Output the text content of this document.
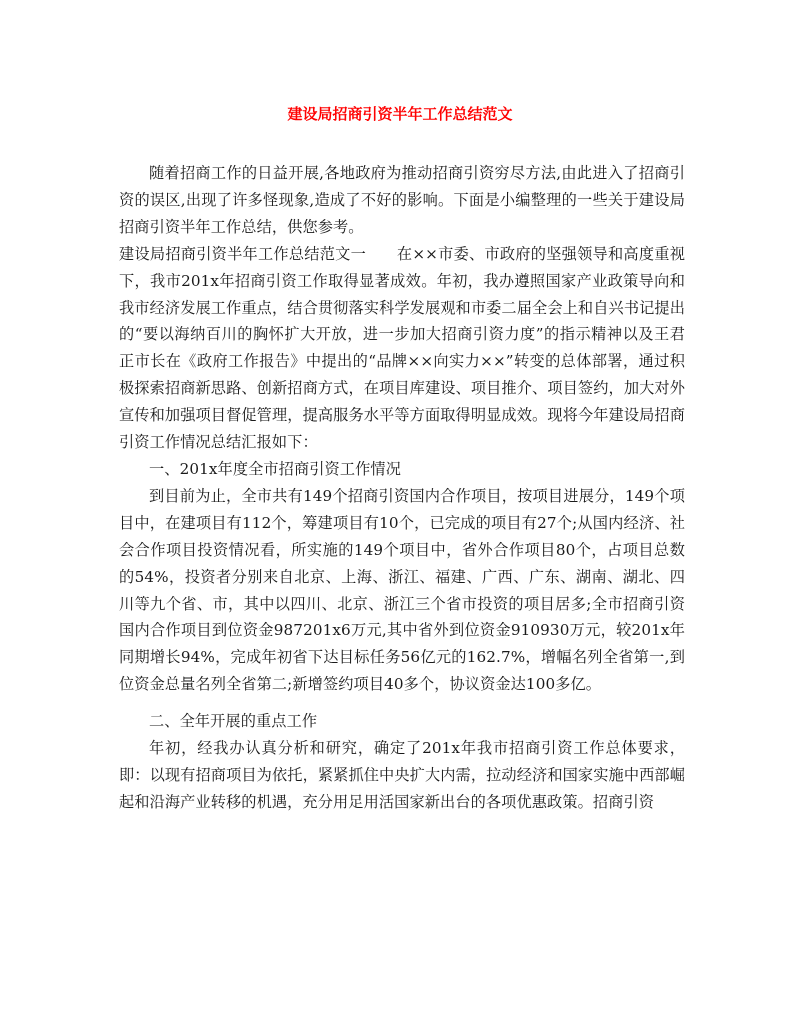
建设局招商引资半年工作总结范文

随着招商工作的日益开展,各地政府为推动招商引资穷尽方法,由此进入了招商引资的误区,出现了许多怪现象,造成了不好的影响。下面是小编整理的一些关于建设局招商引资半年工作总结，供您参考。

建设局招商引资半年工作总结范文一　　在××市委、市政府的坚强领导和高度重视下，我市201x年招商引资工作取得显著成效。年初，我办遵照国家产业政策导向和我市经济发展工作重点，结合贯彻落实科学发展观和市委二届全会上和自兴书记提出的“要以海纳百川的胸怀扩大开放，进一步加大招商引资力度”的指示精神以及王君正市长在《政府工作报告》中提出的“品牌××向实力××”转变的总体部署，通过积极探索招商新思路、创新招商方式，在项目库建设、项目推介、项目签约，加大对外宣传和加强项目督促管理，提高服务水平等方面取得明显成效。现将今年建设局招商引资工作情况总结汇报如下：

一、201x年度全市招商引资工作情况

到目前为止，全市共有149个招商引资国内合作项目，按项目进展分，149个项目中，在建项目有112个，筹建项目有10个，已完成的项目有27个;从国内经济、社会合作项目投资情况看，所实施的149个项目中，省外合作项目80个，占项目总数的54%，投资者分别来自北京、上海、浙江、福建、广西、广东、湖南、湖北、四川等九个省、市，其中以四川、北京、浙江三个省市投资的项目居多;全市招商引资国内合作项目到位资金987201x6万元,其中省外到位资金910930万元，较201x年同期增长94%，完成年初省下达目标任务56亿元的162.7%，增幅名列全省第一,到位资金总量名列全省第二;新增签约项目40多个，协议资金达100多亿。

二、全年开展的重点工作

年初，经我办认真分析和研究，确定了201x年我市招商引资工作总体要求，即：以现有招商项目为依托，紧紧抓住中央扩大内需，拉动经济和国家实施中西部崛起和沿海产业转移的机遇，充分用足用活国家新出台的各项优惠政策。招商引资
